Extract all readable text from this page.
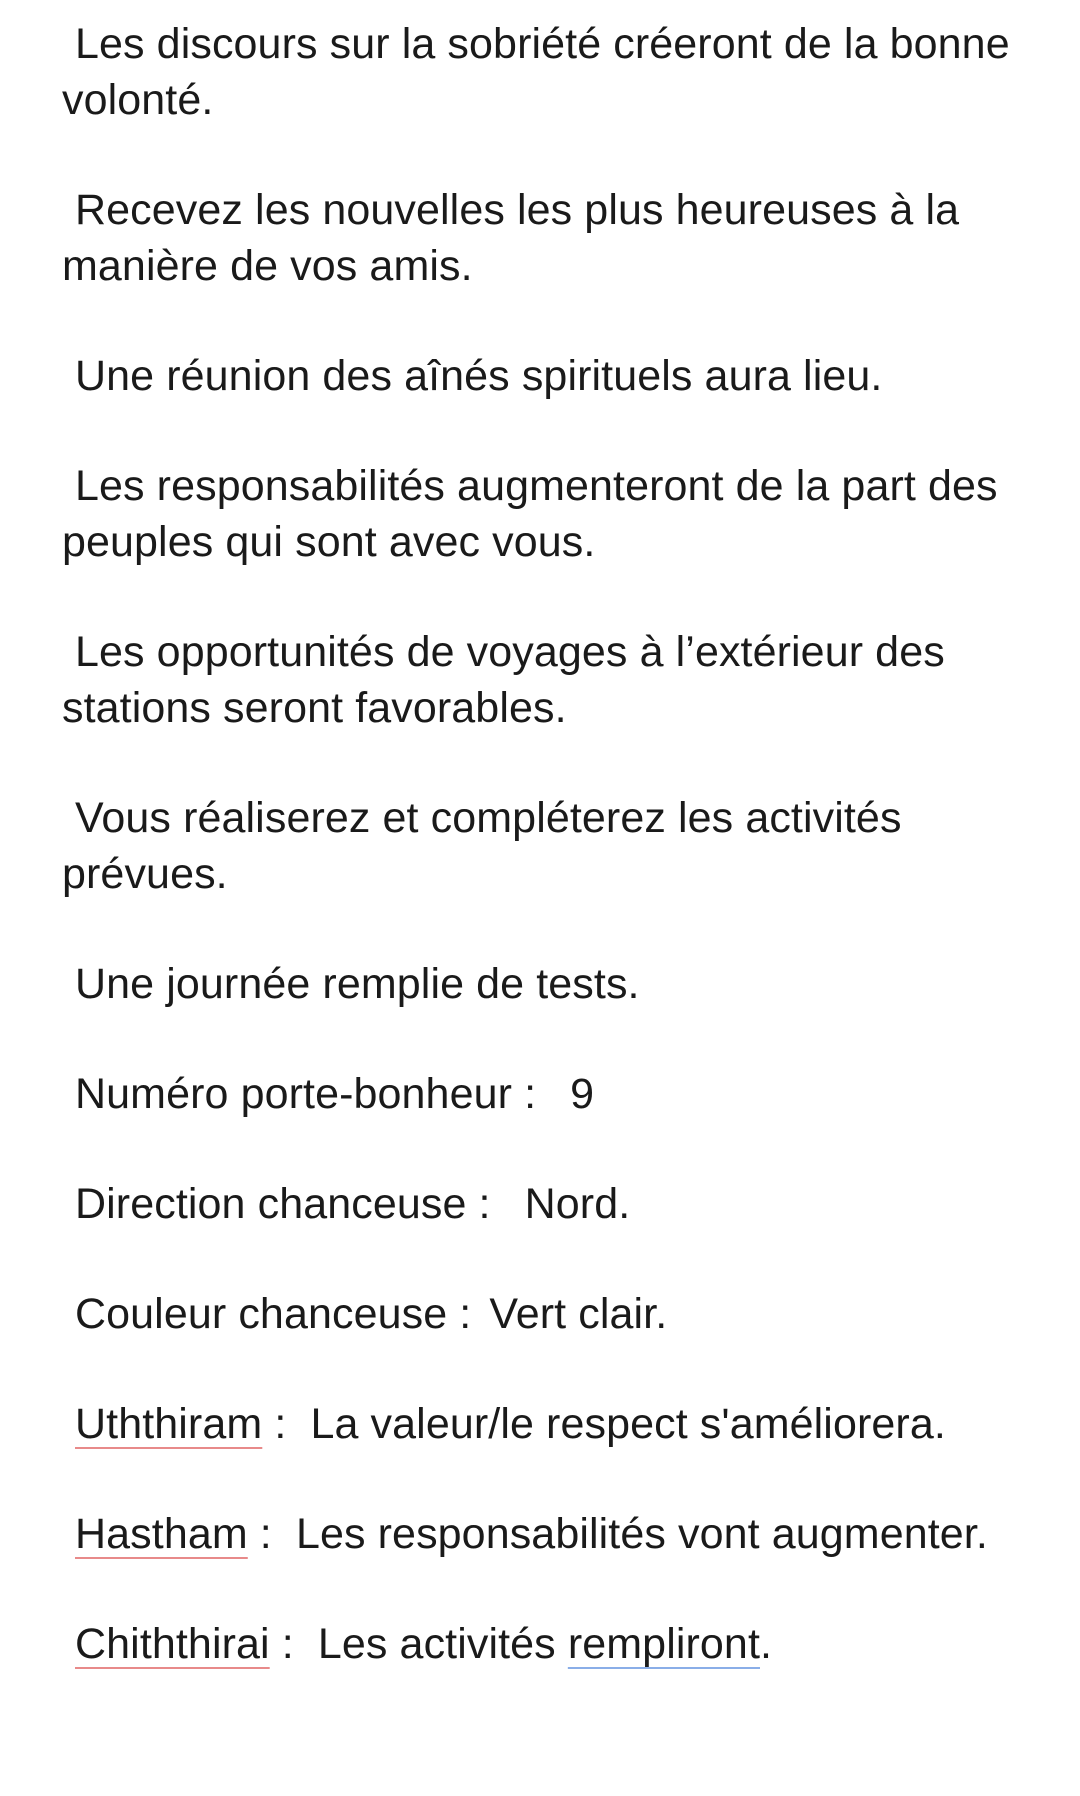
Les discours sur la sobriété créeront de la bonne volonté.

Recevez les nouvelles les plus heureuses à la manière de vos amis.

Une réunion des aînés spirituels aura lieu.

Les responsabilités augmenteront de la part des peuples qui sont avec vous.

Les opportunités de voyages à l’extérieur des stations seront favorables.

Vous réaliserez et compléterez les activités prévues.

Une journée remplie de tests.

Numéro porte-bonheur : 9

Direction chanceuse : Nord.

Couleur chanceuse : Vert clair.

Uththiram :  La valeur/le respect s'améliorera.

Hastham :  Les responsabilités vont augmenter.

Chiththirai :  Les activités rempliront.
